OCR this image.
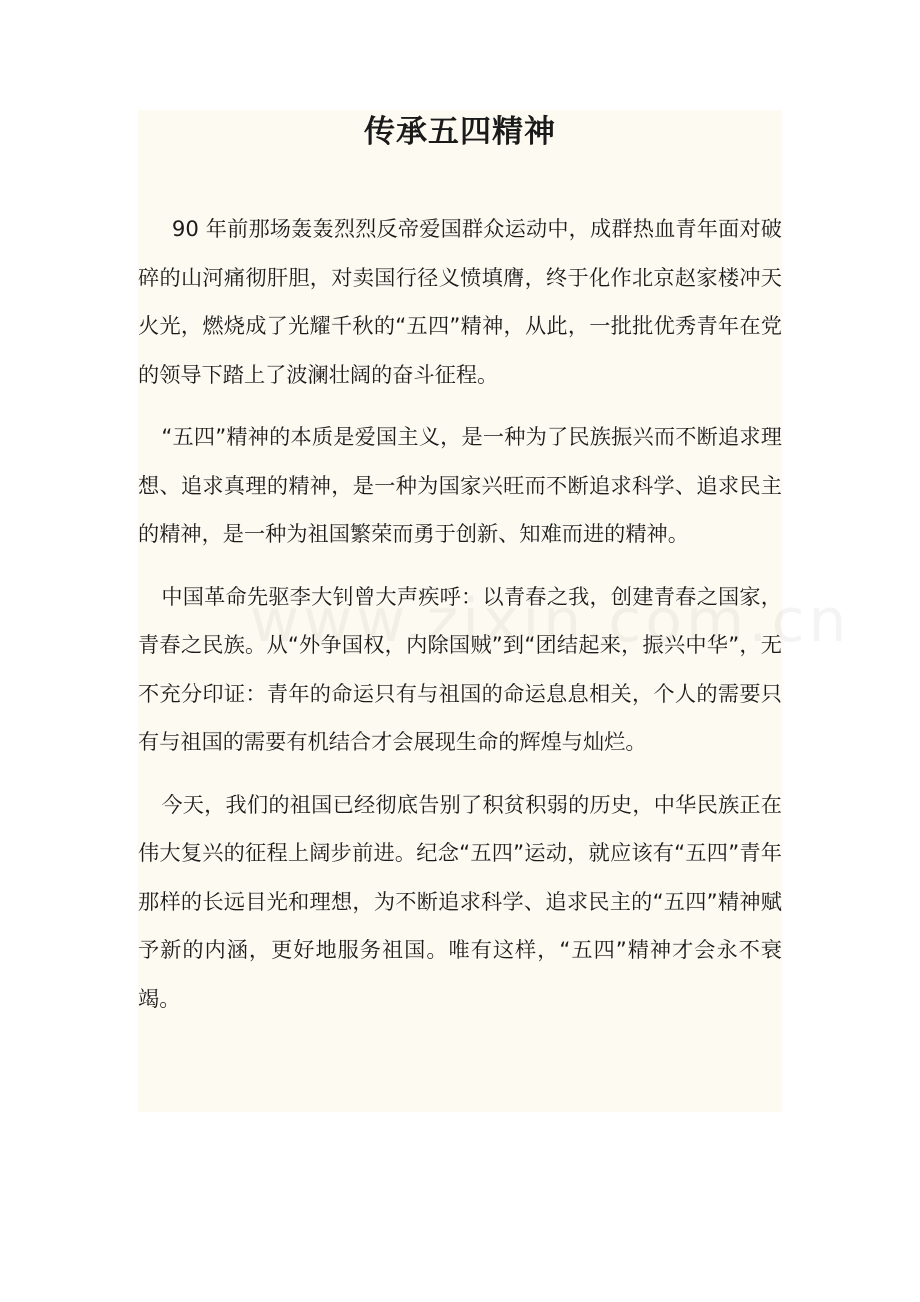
传承五四精神

90 年前那场轰轰烈烈反帝爱国群众运动中，成群热血青年面对破碎的山河痛彻肝胆，对卖国行径义愤填膺，终于化作北京赵家楼冲天火光，燃烧成了光耀千秋的“五四”精神，从此，一批批优秀青年在党的领导下踏上了波澜壮阔的奋斗征程。

“五四”精神的本质是爱国主义，是一种为了民族振兴而不断追求理想、追求真理的精神，是一种为国家兴旺而不断追求科学、追求民主的精神，是一种为祖国繁荣而勇于创新、知难而进的精神。

中国革命先驱李大钊曾大声疾呼：以青春之我，创建青春之国家，青春之民族。从“外争国权，内除国贼”到“团结起来，振兴中华”，无不充分印证：青年的命运只有与祖国的命运息息相关，个人的需要只有与祖国的需要有机结合才会展现生命的辉煌与灿烂。

今天，我们的祖国已经彻底告别了积贫积弱的历史，中华民族正在伟大复兴的征程上阔步前进。纪念“五四”运动，就应该有“五四”青年那样的长远目光和理想，为不断追求科学、追求民主的“五四”精神赋予新的内涵，更好地服务祖国。唯有这样，“五四”精神才会永不衰竭。
